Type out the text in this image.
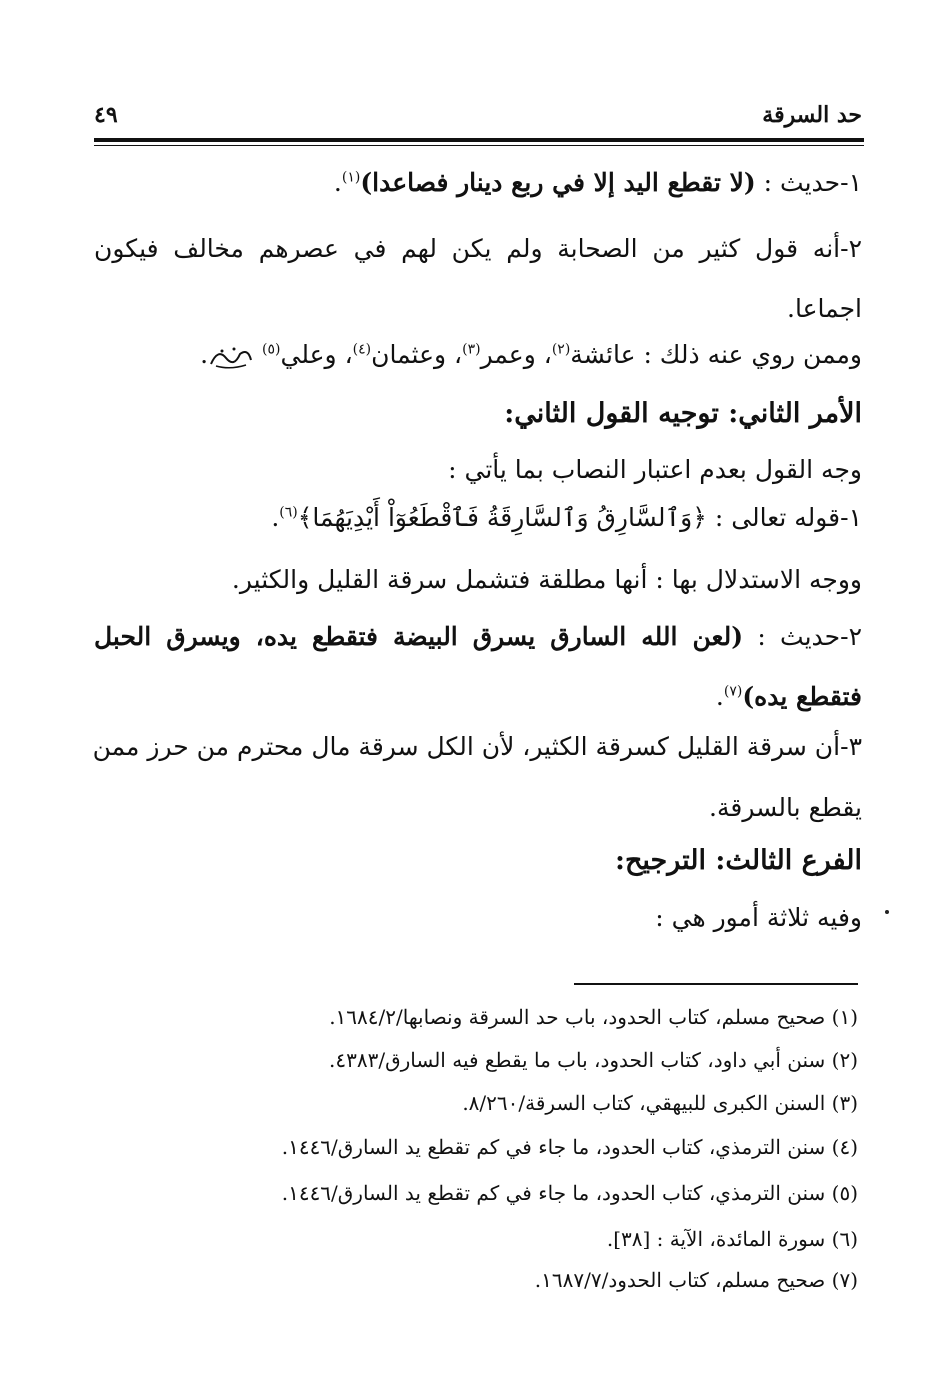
حد السرقة
٤٩
١-حديث : (لا تقطع اليد إلا في ربع دينار فصاعدا)$^{(١)}$.
٢-أنه قول كثير من الصحابة ولم يكن لهم في عصرهم مخالف فيكون
اجماعا.
وممن روي عنه ذلك : عائشة$^{(٢)}$، وعمر$^{(٣)}$، وعثمان$^{(٤)}$، وعلي$^{(٥)}$ .
الأمر الثاني: توجيه القول الثاني:
وجه القول بعدم اعتبار النصاب بما يأتي :
١-قوله تعالى : ﴿وَٱلسَّارِقُ وَٱلسَّارِقَةُ فَٱقْطَعُوٓاْ أَيْدِيَهُمَا﴾$^{(٦)}$.
ووجه الاستدلال بها : أنها مطلقة فتشمل سرقة القليل والكثير.
٢-حديث : (لعن الله السارق يسرق البيضة فتقطع يده، ويسرق الحبل
فتقطع يده)$^{(٧)}$.
٣-أن سرقة القليل كسرقة الكثير، لأن الكل سرقة مال محترم من حرز ممن
يقطع بالسرقة.
الفرع الثالث: الترجيح:
وفيه ثلاثة أمور هي :
(١) صحيح مسلم، كتاب الحدود، باب حد السرقة ونصابها/١٦٨٤/٢.
(٢) سنن أبي داود، كتاب الحدود، باب ما يقطع فيه السارق/٤٣٨٣.
(٣) السنن الكبرى للبيهقي، كتاب السرقة/٨/٢٦٠.
(٤) سنن الترمذي، كتاب الحدود، ما جاء في كم تقطع يد السارق/١٤٤٦.
(٥) سنن الترمذي، كتاب الحدود، ما جاء في كم تقطع يد السارق/١٤٤٦.
(٦) سورة المائدة، الآية : [٣٨].
(٧) صحيح مسلم، كتاب الحدود/١٦٨٧/٧.
